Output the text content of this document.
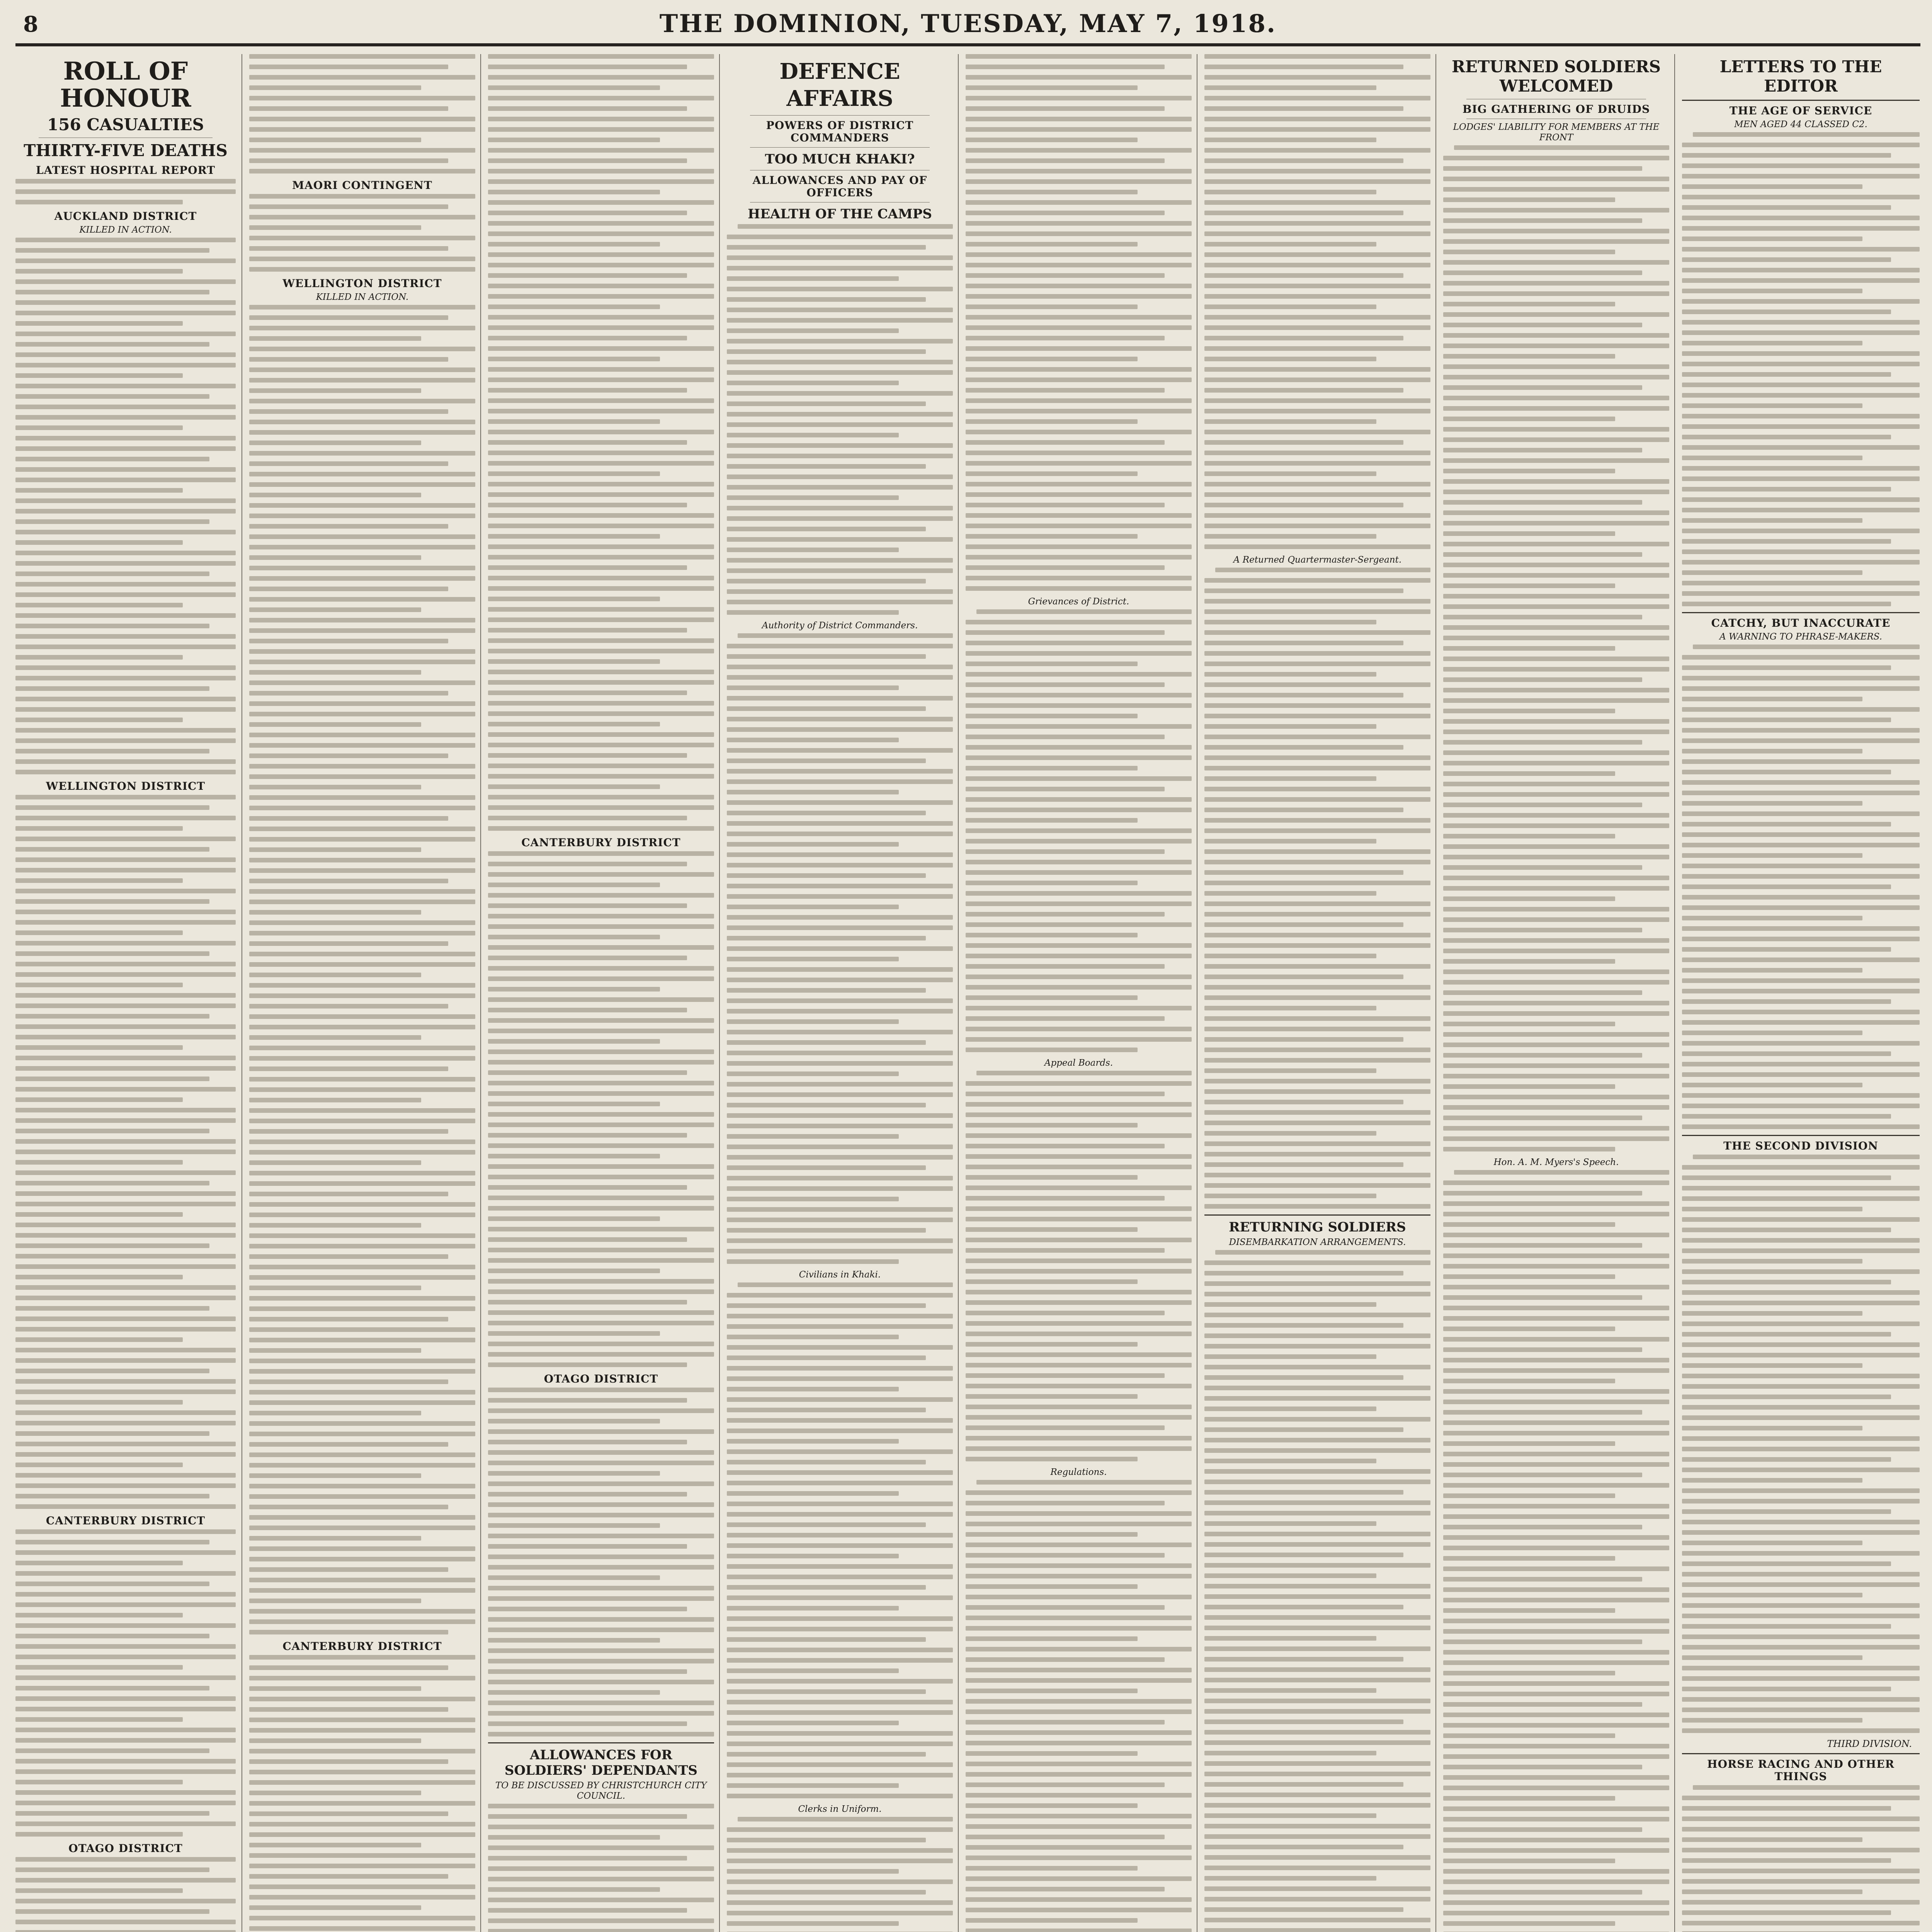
8	THE DOMINION, TUESDAY, MAY 7, 1918.
ROLL OF HONOUR
156 CASUALTIES
THIRTY-FIVE DEATHS
LATEST HOSPITAL REPORT
AUCKLAND DISTRICT
KILLED IN ACTION.
WELLINGTON DISTRICT
CANTERBURY DISTRICT
OTAGO DISTRICT
MAORI CONTINGENT
WELLINGTON DISTRICT
KILLED IN ACTION.
CANTERBURY DISTRICT
CANTERBURY DISTRICT
OTAGO DISTRICT
ALLOWANCES FOR SOLDIERS' DEPENDANTS
TO BE DISCUSSED BY CHRISTCHURCH CITY COUNCIL.
DEFENCE AFFAIRS
POWERS OF DISTRICT COMMANDERS
TOO MUCH KHAKI?
ALLOWANCES AND PAY OF OFFICERS
HEALTH OF THE CAMPS
Authority of District Commanders.
Civilians in Khaki.
Clerks in Uniform.
Grievances of District.
Appeal Boards.
Regulations.
A Returned Quartermaster-Sergeant.
RETURNING SOLDIERS
DISEMBARKATION ARRANGEMENTS.
RETURNED SOLDIERS WELCOMED
BIG GATHERING OF DRUIDS
LODGES' LIABILITY FOR MEMBERS AT THE FRONT
Hon. A. M. Myers's Speech.
LETTERS TO THE EDITOR
THE AGE OF SERVICE
MEN AGED 44 CLASSED C2.
CATCHY, BUT INACCURATE
A WARNING TO PHRASE-MAKERS.
THE SECOND DIVISION
THIRD DIVISION.
HORSE RACING AND OTHER THINGS
